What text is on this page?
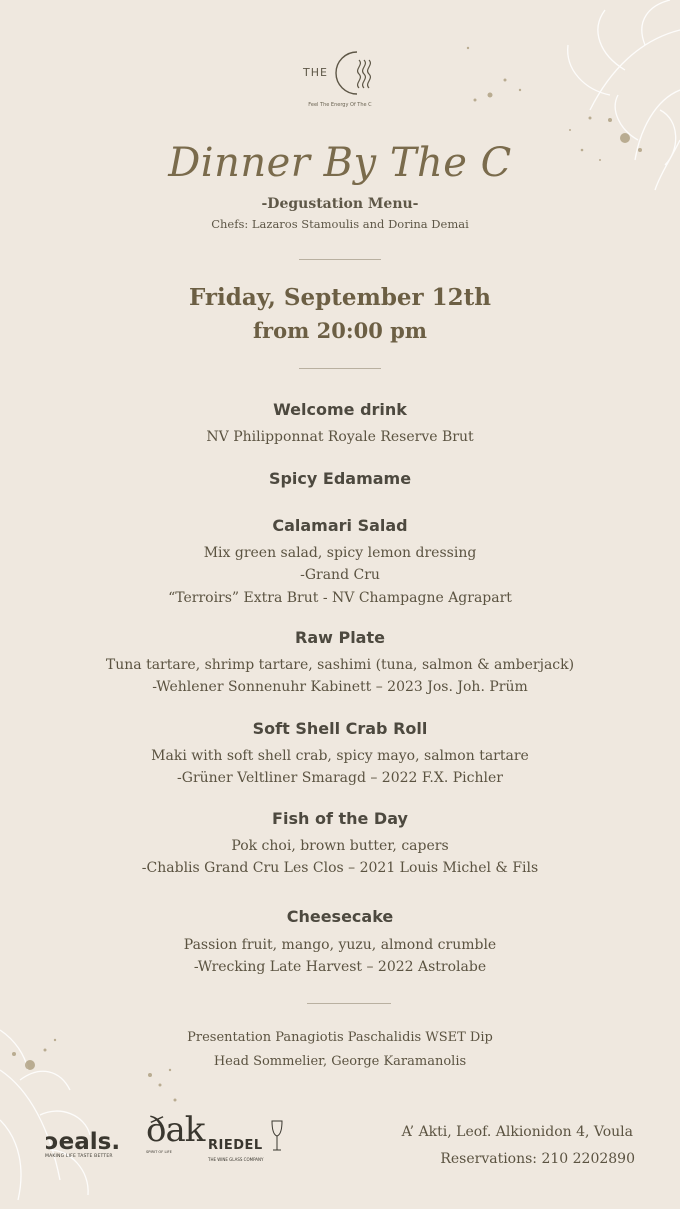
THE
Feel The Energy Of The C
Dinner By The C
-Degustation Menu-
Chefs: Lazaros Stamoulis and Dorina Demai
Friday, September 12th
from 20:00 pm
Welcome drink
NV Philipponnat Royale Reserve Brut
Spicy Edamame
Calamari Salad
Mix green salad, spicy lemon dressing
-Grand Cru
“Terroirs” Extra Brut - NV Champagne Agrapart
Raw Plate
Tuna tartare, shrimp tartare, sashimi (tuna, salmon & amberjack)
-Wehlener Sonnenuhr Kabinett – 2023 Jos. Joh. Prüm
Soft Shell Crab Roll
Maki with soft shell crab, spicy mayo, salmon tartare
-Grüner Veltliner Smaragd – 2022 F.X. Pichler
Fish of the Day
Pok choi, brown butter, capers
-Chablis Grand Cru Les Clos – 2021 Louis Michel & Fils
Cheesecake
Passion fruit, mango, yuzu, almond crumble
-Wrecking Late Harvest – 2022 Astrolabe
Presentation Panagiotis Paschalidis WSET Dip
Head Sommelier, George Karamanolis
A’ Akti, Leof. Alkionidon 4, Voula
Reservations: 210 2202890
ɔeals.
MAKING LIFE TASTE BETTER
ðak
SPIRIT OF LIFE	RIEDEL
THE WINE GLASS COMPANY
